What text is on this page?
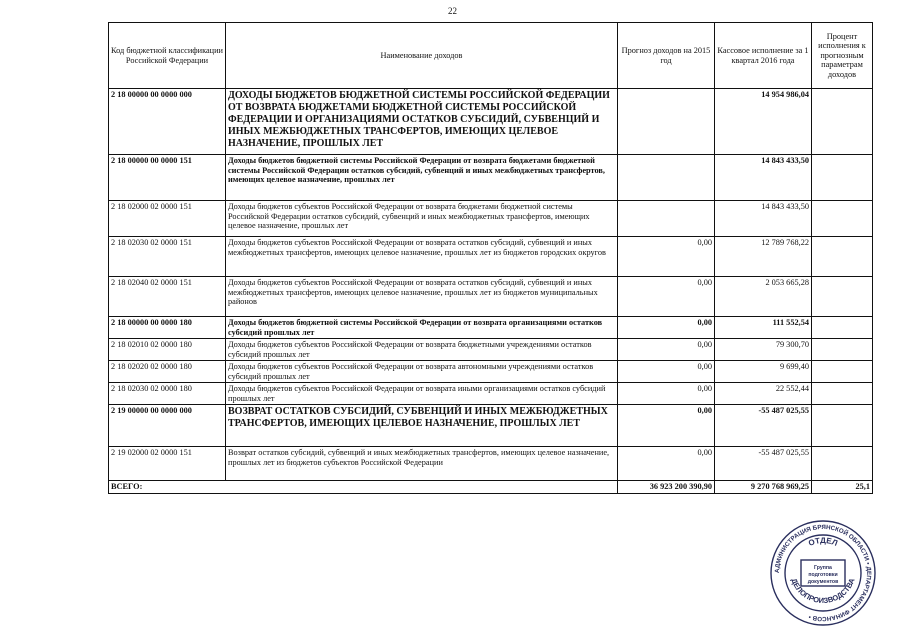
22
Код бюджетной классификации Российской Федерации	Наименование доходов	Прогноз доходов на 2015 год	Кассовое исполнение за 1 квартал 2016 года	Процент исполнения к прогнозным параметрам доходов
2 18 00000 00 0000 000	ДОХОДЫ БЮДЖЕТОВ БЮДЖЕТНОЙ СИСТЕМЫ РОССИЙСКОЙ ФЕДЕРАЦИИ ОТ ВОЗВРАТА БЮДЖЕТАМИ БЮДЖЕТНОЙ СИСТЕМЫ РОССИЙСКОЙ ФЕДЕРАЦИИ И ОРГАНИЗАЦИЯМИ ОСТАТКОВ СУБСИДИЙ, СУБВЕНЦИЙ И ИНЫХ МЕЖБЮДЖЕТНЫХ ТРАНСФЕРТОВ, ИМЕЮЩИХ ЦЕЛЕВОЕ НАЗНАЧЕНИЕ, ПРОШЛЫХ ЛЕТ		14 954 986,04	
2 18 00000 00 0000 151	Доходы бюджетов бюджетной системы Российской Федерации от возврата бюджетами бюджетной системы Российской Федерации остатков субсидий, субвенций и иных межбюджетных трансфертов, имеющих целевое назначение, прошлых лет		14 843 433,50	
2 18 02000 02 0000 151	Доходы бюджетов субъектов Российской Федерации от возврата бюджетами бюджетной системы Российской Федерации остатков субсидий, субвенций и иных межбюджетных трансфертов, имеющих целевое назначение, прошлых лет		14 843 433,50	
2 18 02030 02 0000 151	Доходы бюджетов субъектов Российской Федерации от возврата остатков субсидий, субвенций и иных межбюджетных трансфертов, имеющих целевое назначение, прошлых лет из бюджетов городских округов	0,00	12 789 768,22	
2 18 02040 02 0000 151	Доходы бюджетов субъектов Российской Федерации от возврата остатков субсидий, субвенций и иных межбюджетных трансфертов, имеющих целевое назначение, прошлых лет из бюджетов муниципальных районов	0,00	2 053 665,28	
2 18 00000 00 0000 180	Доходы бюджетов бюджетной системы Российской Федерации от возврата организациями остатков субсидий прошлых лет	0,00	111 552,54	
2 18 02010 02 0000 180	Доходы бюджетов субъектов Российской Федерации от возврата бюджетными учреждениями остатков субсидий прошлых лет	0,00	79 300,70	
2 18 02020 02 0000 180	Доходы бюджетов субъектов Российской Федерации от возврата автономными учреждениями остатков субсидий прошлых лет	0,00	9 699,40	
2 18 02030 02 0000 180	Доходы бюджетов субъектов Российской Федерации от возврата иными организациями остатков субсидий прошлых лет	0,00	22 552,44	
2 19 00000 00 0000 000	ВОЗВРАТ ОСТАТКОВ СУБСИДИЙ, СУБВЕНЦИЙ И ИНЫХ МЕЖБЮДЖЕТНЫХ ТРАНСФЕРТОВ, ИМЕЮЩИХ ЦЕЛЕВОЕ НАЗНАЧЕНИЕ, ПРОШЛЫХ ЛЕТ	0,00	-55 487 025,55	
2 19 02000 02 0000 151	Возврат остатков субсидий, субвенций и иных межбюджетных трансфертов, имеющих целевое назначение, прошлых лет из бюджетов субъектов Российской Федерации	0,00	-55 487 025,55	
ВСЕГО:		36 923 200 390,90	9 270 768 969,25	25,1
АДМИНИСТРАЦИЯ БРЯНСКОЙ ОБЛАСТИ • ДЕПАРТАМЕНТ ФИНАНСОВ •
ОТДЕЛ
ДЕЛОПРОИЗВОДСТВА
Группа
подготовки
документов
